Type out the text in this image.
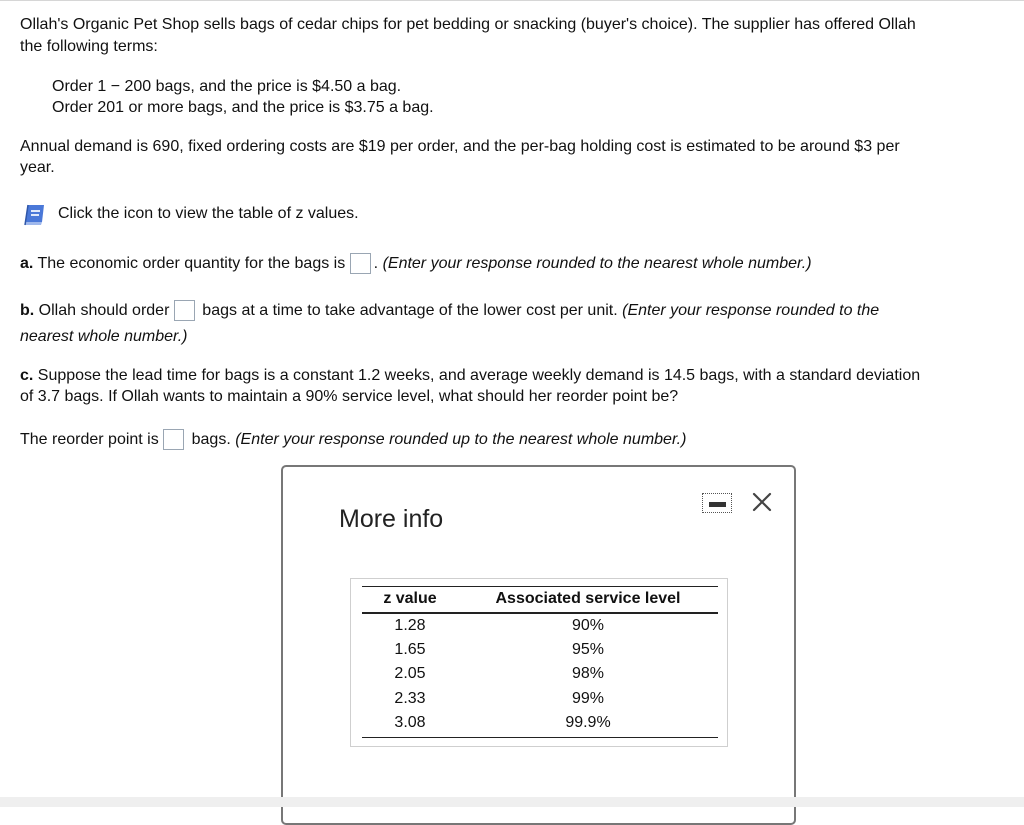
Ollah's Organic Pet Shop sells bags of cedar chips for pet bedding or snacking (buyer's choice). The supplier has offered Ollah
the following terms:
Order 1 − 200 bags, and the price is $4.50 a bag.
Order 201 or more bags, and the price is $3.75 a bag.
Annual demand is 690, fixed ordering costs are $19 per order, and the per-bag holding cost is estimated to be around $3 per
year.
Click the icon to view the table of z values.
a. The economic order quantity for the bags is . (Enter your response rounded to the nearest whole number.)
b. Ollah should order  bags at a time to take advantage of the lower cost per unit. (Enter your response rounded to the
nearest whole number.)
c. Suppose the lead time for bags is a constant 1.2 weeks, and average weekly demand is 14.5 bags, with a standard deviation
of 3.7 bags. If Ollah wants to maintain a 90% service level, what should her reorder point be?
The reorder point is  bags. (Enter your response rounded up to the nearest whole number.)
More info
z value	Associated service level
1.28	90%
1.65	95%
2.05	98%
2.33	99%
3.08	99.9%
